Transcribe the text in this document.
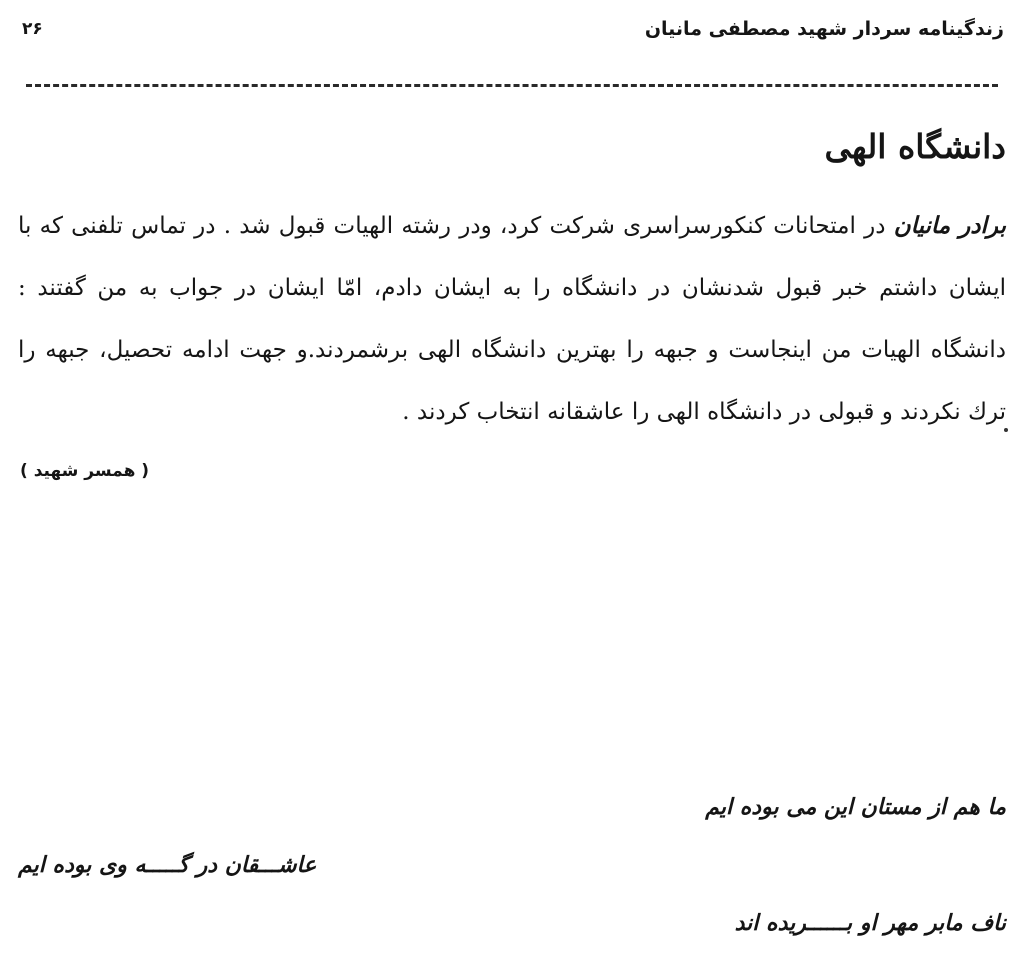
زندگینامه سردار شهید مصطفی مانیان
۲۶
دانشگاه الهی

برادر مانیان در امتحانات کنکورسراسری شرکت کرد، ودر رشته الهیات قبول شد . در تماس تلفنی که با ایشان داشتم خبر قبول شدنشان در دانشگاه را به ایشان دادم، امّا ایشان در جواب به من گفتند : دانشگاه الهیات من اینجاست و جبهه را بهترین دانشگاه الهی برشمردند.و جهت ادامه تحصیل، جبهه را ترك نکردند و قبولی در دانشگاه الهی را عاشقانه انتخاب کردند .

( همسر شهید )
ما هم از مستان این می بوده ایم
عاشـــقان در گـــــه وی بوده ایم
ناف مابر مهر او بــــــریده اند
